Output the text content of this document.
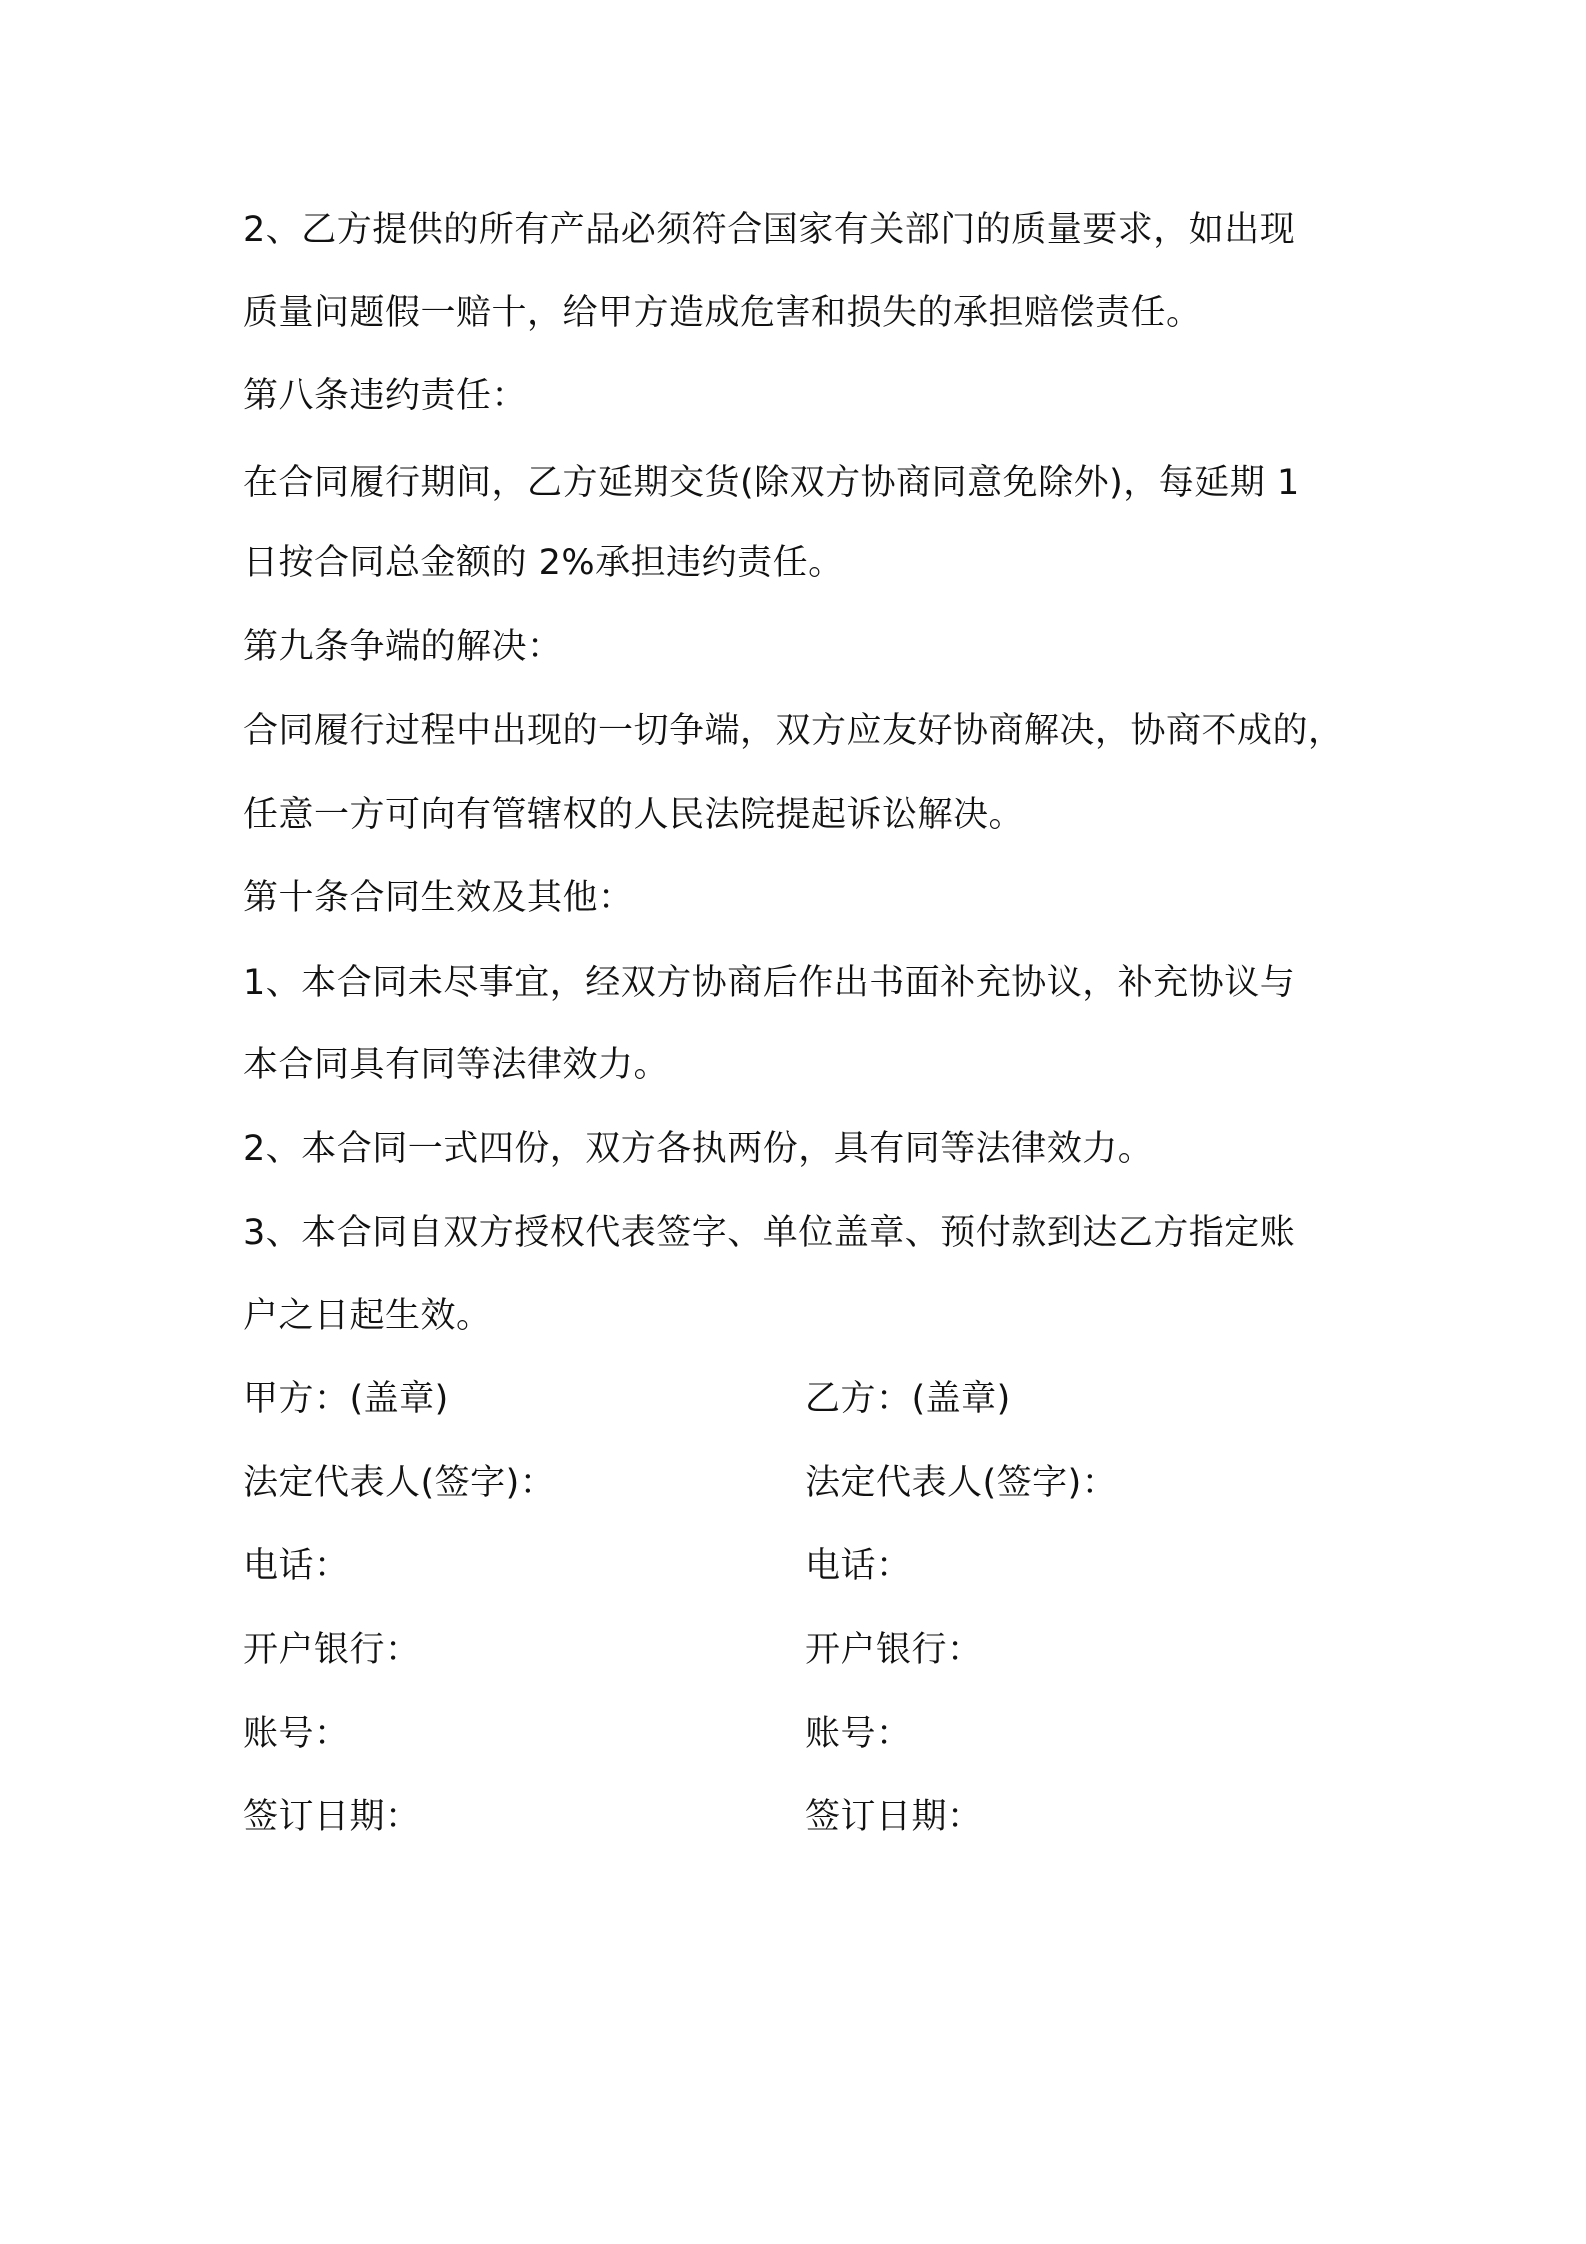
2、乙方提供的所有产品必须符合国家有关部门的质量要求，如出现
质量问题假一赔十，给甲方造成危害和损失的承担赔偿责任。
第八条违约责任：
在合同履行期间，乙方延期交货(除双方协商同意免除外)，每延期 1
日按合同总金额的 2%承担违约责任。
第九条争端的解决：
合同履行过程中出现的一切争端，双方应友好协商解决，协商不成的，
任意一方可向有管辖权的人民法院提起诉讼解决。
第十条合同生效及其他：
1、本合同未尽事宜，经双方协商后作出书面补充协议，补充协议与
本合同具有同等法律效力。
2、本合同一式四份，双方各执两份，具有同等法律效力。
3、本合同自双方授权代表签字、单位盖章、预付款到达乙方指定账
户之日起生效。
甲方：(盖章)	乙方：(盖章)
法定代表人(签字)：	法定代表人(签字)：
电话：	电话：
开户银行：	开户银行：
账号：	账号：
签订日期：	签订日期：
